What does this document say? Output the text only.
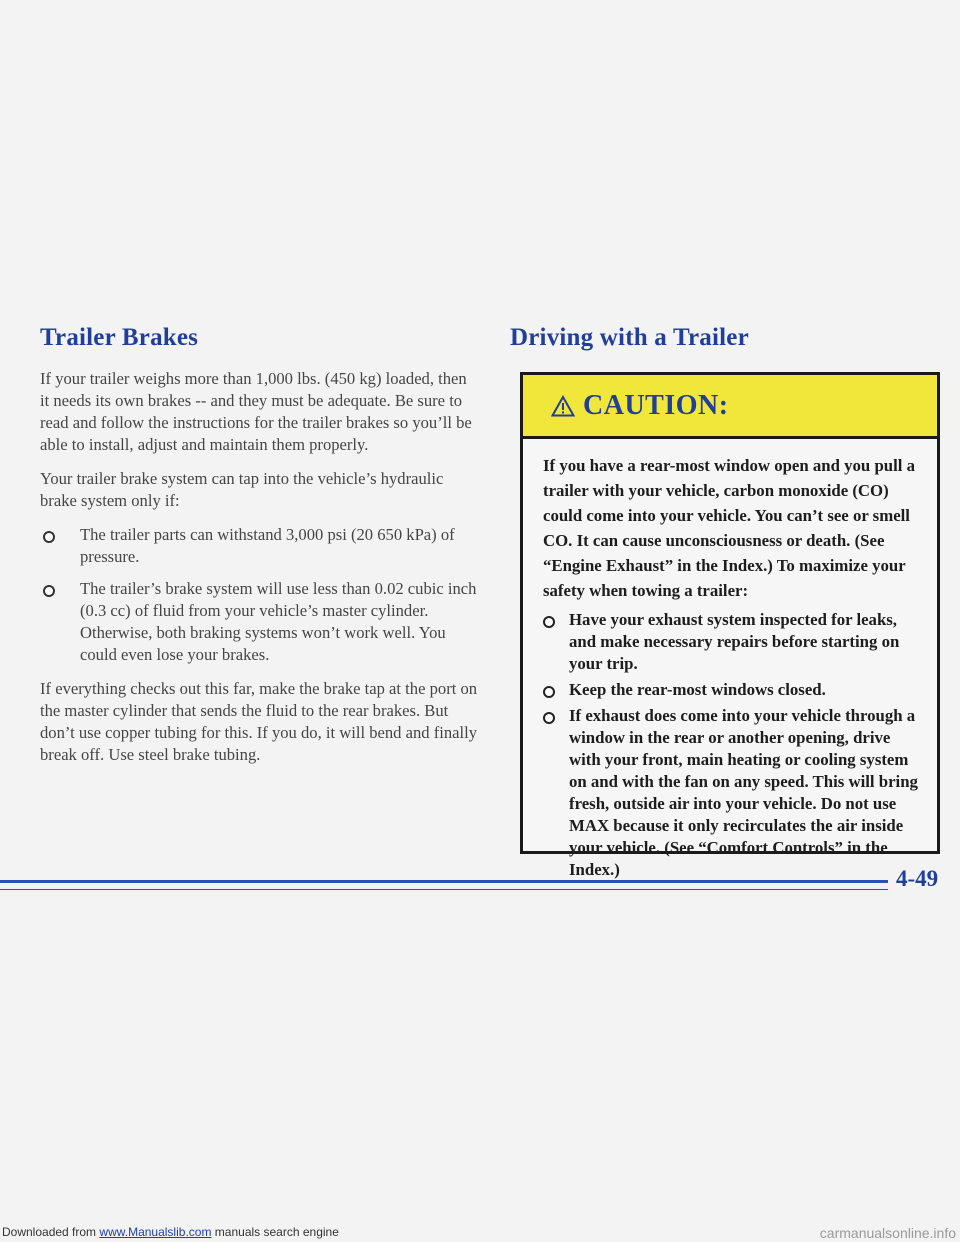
Trailer Brakes

If your trailer weighs more than 1,000 lbs. (450 kg) loaded, then it needs its own brakes -- and they must be adequate. Be sure to read and follow the instructions for the trailer brakes so you’ll be able to install, adjust and maintain them properly.

Your trailer brake system can tap into the vehicle’s hydraulic brake system only if:

The trailer parts can withstand 3,000 psi (20 650 kPa) of pressure.
The trailer’s brake system will use less than 0.02 cubic inch (0.3 cc) of fluid from your vehicle’s master cylinder. Otherwise, both braking systems won’t work well. You could even lose your brakes.

If everything checks out this far, make the brake tap at the port on the master cylinder that sends the fluid to the rear brakes. But don’t use copper tubing for this. If you do, it will bend and finally break off. Use steel brake tubing.

Driving with a Trailer
CAUTION:

If you have a rear-most window open and you pull a trailer with your vehicle, carbon monoxide (CO) could come into your vehicle. You can’t see or smell CO. It can cause unconsciousness or death. (See “Engine Exhaust” in the Index.) To maximize your safety when towing a trailer:

Have your exhaust system inspected for leaks, and make necessary repairs before starting on your trip.
Keep the rear-most windows closed.
If exhaust does come into your vehicle through a window in the rear or another opening, drive with your front, main heating or cooling system on and with the fan on any speed. This will bring fresh, outside air into your vehicle. Do not use MAX because it only recirculates the air inside your vehicle. (See “Comfort Controls” in the Index.)	4-49
Downloaded from www.Manualslib.com manuals search engine	carmanualsonline.info
